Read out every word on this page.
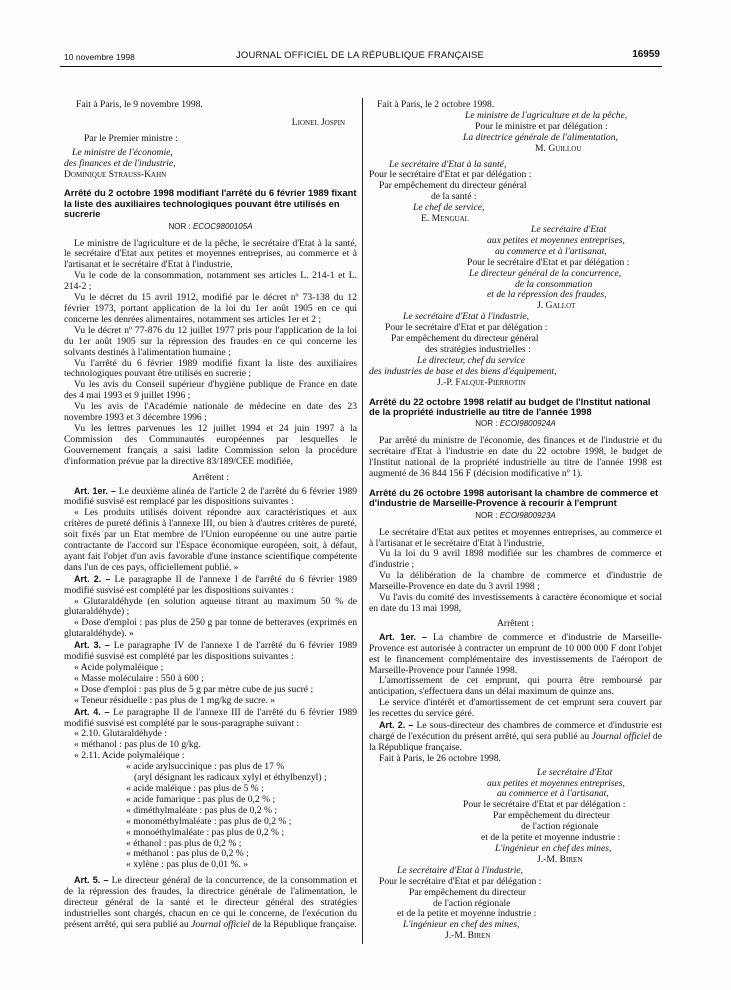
10 novembre 1998	JOURNAL OFFICIEL DE LA RÉPUBLIQUE FRANÇAISE	16959

Fait à Paris, le 9 novembre 1998.

Lionel Jospin

Par le Premier ministre :

Le ministre de l'économie,

des finances et de l'industrie,

Dominique Strauss-Kahn

Arrêté du 2 octobre 1998 modifiant l'arrêté du 6 février 1989 fixant la liste des auxiliaires technologiques pouvant être utilisés en sucrerie

NOR : ECOC9800105A

Le ministre de l'agriculture et de la pêche, le secrétaire d'Etat à la santé, le secrétaire d'Etat aux petites et moyennes entreprises, au commerce et à l'artisanat et le secrétaire d'Etat à l'industrie,

Vu le code de la consommation, notamment ses articles L. 214-1 et L. 214-2 ;

Vu le décret du 15 avril 1912, modifié par le décret nº 73-138 du 12 février 1973, portant application de la loi du 1er août 1905 en ce qui concerne les denrées alimentaires, notamment ses articles 1er et 2 ;

Vu le décret nº 77-876 du 12 juillet 1977 pris pour l'application de la loi du 1er août 1905 sur la répression des fraudes en ce qui concerne les solvants destinés à l'alimentation humaine ;

Vu l'arrêté du 6 février 1989 modifié fixant la liste des auxiliaires technologiques pouvant être utilisés en sucrerie ;

Vu les avis du Conseil supérieur d'hygiène publique de France en date des 4 mai 1993 et 9 juillet 1996 ;

Vu les avis de l'Académie nationale de médecine en date des 23 novembre 1993 et 3 décembre 1996 ;

Vu les lettres parvenues les 12 juillet 1994 et 24 juin 1997 à la Commission des Communautés européennes par lesquelles le Gouvernement français a saisi ladite Commission selon la procédure d'information prévue par la directive 83/189/CEE modifiée,

Arrêtent :

Art. 1er. – Le deuxième alinéa de l'article 2 de l'arrêté du 6 février 1989 modifié susvisé est remplacé par les dispositions suivantes :

« Les produits utilisés doivent répondre aux caractéristiques et aux critères de pureté définis à l'annexe III, ou bien à d'autres critères de pureté, soit fixés par un Etat membre de l'Union européenne ou une autre partie contractante de l'accord sur l'Espace économique européen, soit, à défaut, ayant fait l'objet d'un avis favorable d'une instance scientifique compétente dans l'un de ces pays, officiellement publié. »

Art. 2. – Le paragraphe II de l'annexe I de l'arrêté du 6 février 1989 modifié susvisé est complété par les dispositions suivantes :

« Glutaraldéhyde (en solution aqueuse titrant au maximum 50 % de glutaraldéhyde) ;

« Dose d'emploi : pas plus de 250 g par tonne de betteraves (exprimés en glutaraldéhyde). »

Art. 3. – Le paragraphe IV de l'annexe I de l'arrêté du 6 février 1989 modifié susvisé est complété par les dispositions suivantes :

« Acide polymaléique ;

« Masse moléculaire : 550 à 600 ;

« Dose d'emploi : pas plus de 5 g par mètre cube de jus sucré ;

« Teneur résiduelle : pas plus de 1 mg/kg de sucre. »

Art. 4. – Le paragraphe II de l'annexe III de l'arrêté du 6 février 1989 modifié susvisé est complété par le sous-paragraphe suivant :

« 2.10. Glutaraldéhyde :

« méthanol : pas plus de 10 g/kg.

« 2.11. Acide polymaléique :

« acide arylsuccinique : pas plus de 17 %

(aryl désignant les radicaux xylyl et éthylbenzyl) ;

« acide maléique : pas plus de 5 % ;

« acide fumarique : pas plus de 0,2 % ;

« diméthylmaléate : pas plus de 0,2 % ;

« monométhylmaléate : pas plus de 0,2 % ;

« monoéthylmaléate : pas plus de 0,2 % ;

« éthanol : pas plus de 0,2 % ;

« méthanol : pas plus de 0,2 % ;

« xylène : pas plus de 0,01 %. »

Art. 5. – Le directeur général de la concurrence, de la consommation et de la répression des fraudes, la directrice générale de l'alimentation, le directeur général de la santé et le directeur général des stratégies industrielles sont chargés, chacun en ce qui le concerne, de l'exécution du présent arrêté, qui sera publié au Journal officiel de la République française.

Fait à Paris, le 2 octobre 1998.

Le ministre de l'agriculture et de la pêche,

Pour le ministre et par délégation :

La directrice générale de l'alimentation,

M. Guillou

Le secrétaire d'Etat à la santé,

Pour le secrétaire d'Etat et par délégation :

Par empêchement du directeur général

de la santé :

Le chef de service,

E. Mengual

Le secrétaire d'Etat

aux petites et moyennes entreprises,

au commerce et à l'artisanat,

Pour le secrétaire d'Etat et par délégation :

Le directeur général de la concurrence,

de la consommation

et de la répression des fraudes,

J. Gallot

Le secrétaire d'Etat à l'industrie,

Pour le secrétaire d'Etat et par délégation :

Par empêchement du directeur général

des stratégies industrielles :

Le directeur, chef du service

des industries de base et des biens d'équipement,

J.-P. Falque-Pierrotin

Arrêté du 22 octobre 1998 relatif au budget de l'Institut national de la propriété industrielle au titre de l'année 1998

NOR : ECOI9800924A

Par arrêté du ministre de l'économie, des finances et de l'industrie et du secrétaire d'Etat à l'industrie en date du 22 octobre 1998, le budget de l'Institut national de la propriété industrielle au titre de l'année 1998 est augmenté de 36 844 156 F (décision modificative nº 1).

Arrêté du 26 octobre 1998 autorisant la chambre de commerce et d'industrie de Marseille-Provence à recourir à l'emprunt

NOR : ECOI9800923A

Le secrétaire d'Etat aux petites et moyennes entreprises, au commerce et à l'artisanat et le secrétaire d'Etat à l'industrie,

Vu la loi du 9 avril 1898 modifiée sur les chambres de commerce et d'industrie ;

Vu la délibération de la chambre de commerce et d'industrie de Marseille-Provence en date du 3 avril 1998 ;

Vu l'avis du comité des investissements à caractère économique et social en date du 13 mai 1998,

Arrêtent :

Art. 1er. – La chambre de commerce et d'industrie de Marseille-Provence est autorisée à contracter un emprunt de 10 000 000 F dont l'objet est le financement complémentaire des investissements de l'aéroport de Marseille-Provence pour l'année 1998.

L'amortissement de cet emprunt, qui pourra être remboursé par anticipation, s'effectuera dans un délai maximum de quinze ans.

Le service d'intérêt et d'amortissement de cet emprunt sera couvert par les recettes du service géré.

Art. 2. – Le sous-directeur des chambres de commerce et d'industrie est chargé de l'exécution du présent arrêté, qui sera publié au Journal officiel de la République française.

Fait à Paris, le 26 octobre 1998.

Le secrétaire d'Etat

aux petites et moyennes entreprises,

au commerce et à l'artisanat,

Pour le secrétaire d'Etat et par délégation :

Par empêchement du directeur

de l'action régionale

et de la petite et moyenne industrie :

L'ingénieur en chef des mines,

J.-M. Biren

Le secrétaire d'Etat à l'industrie,

Pour le secrétaire d'Etat et par délégation :

Par empêchement du directeur

de l'action régionale

et de la petite et moyenne industrie :

L'ingénieur en chef des mines,

J.-M. Biren
